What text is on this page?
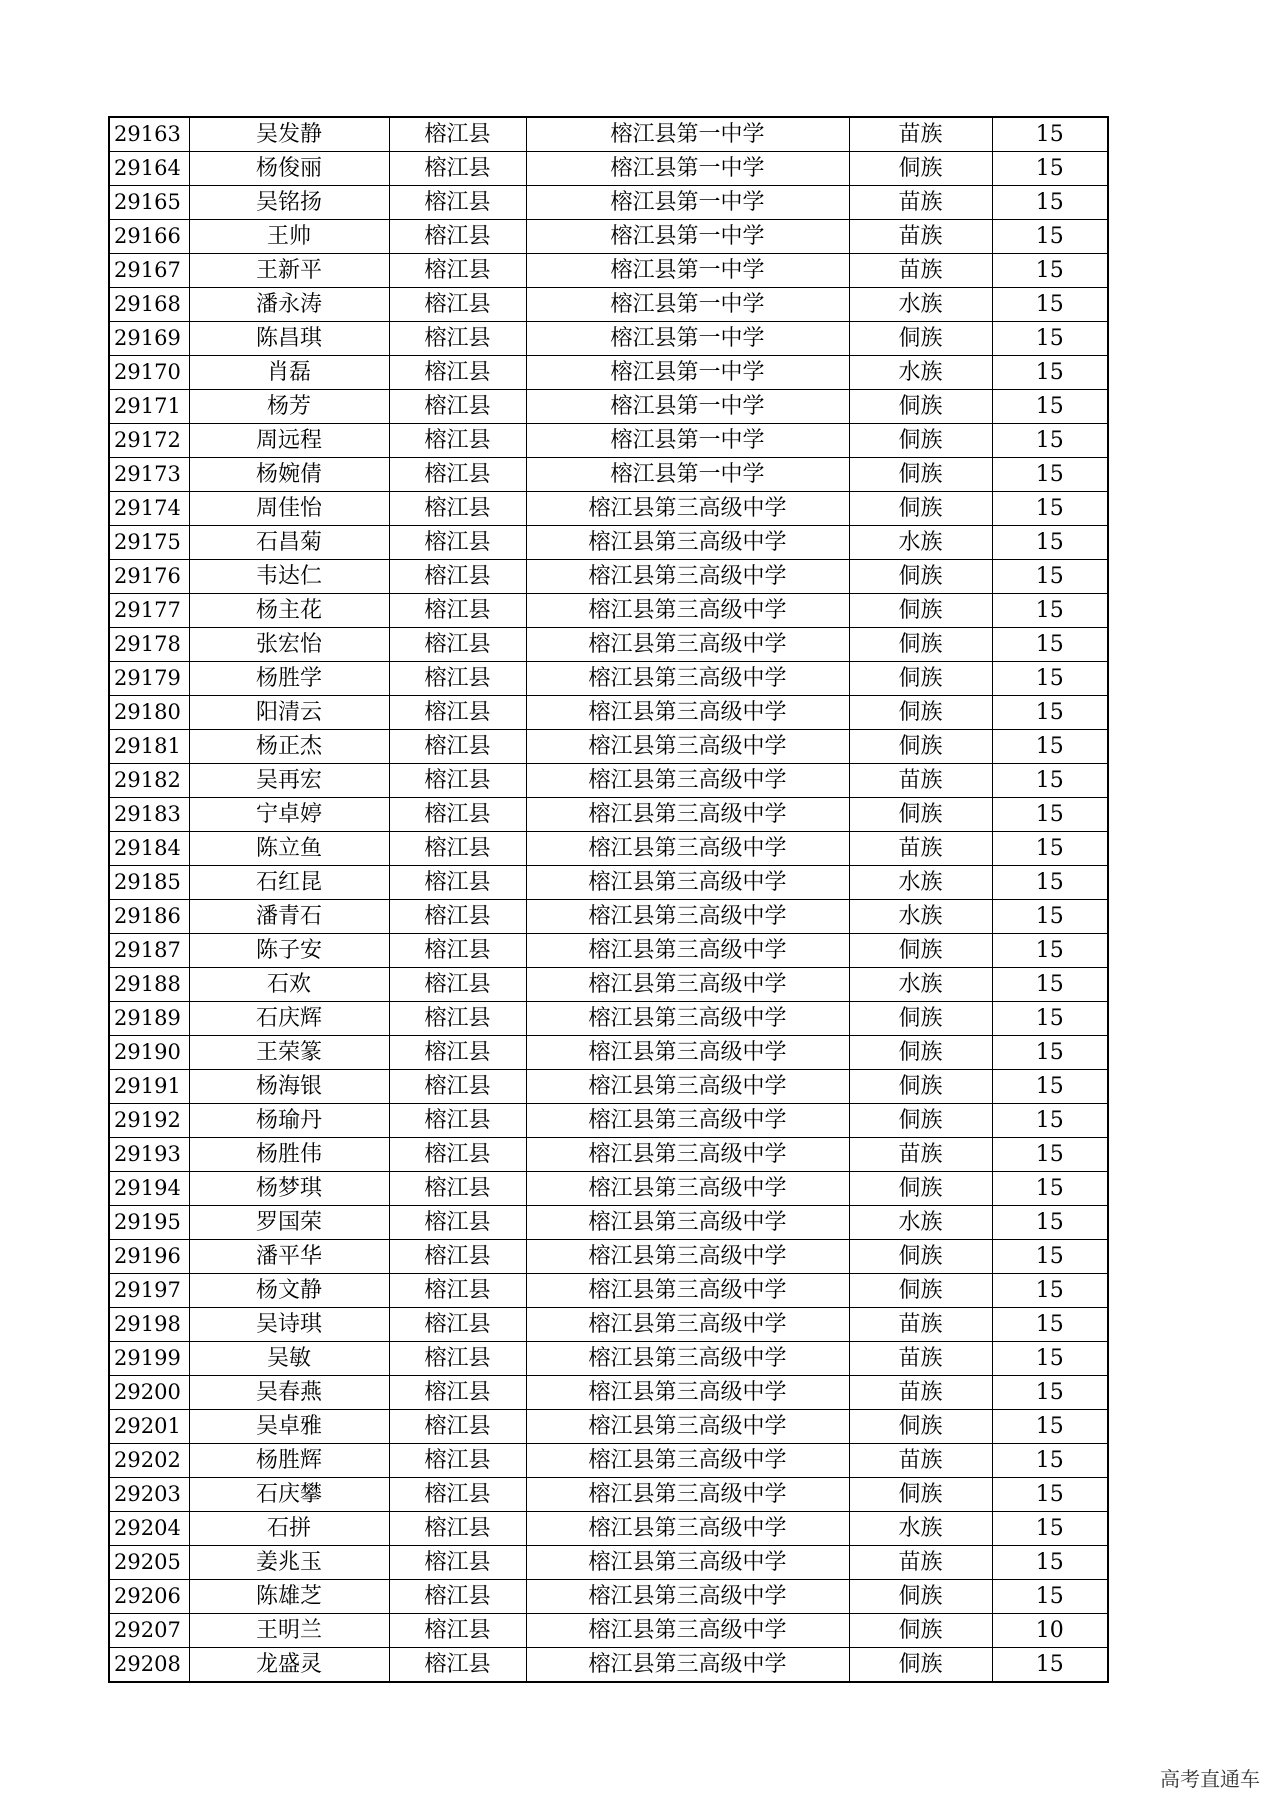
29163	吴发静	榕江县	榕江县第一中学	苗族	15
29164	杨俊丽	榕江县	榕江县第一中学	侗族	15
29165	吴铭扬	榕江县	榕江县第一中学	苗族	15
29166	王帅	榕江县	榕江县第一中学	苗族	15
29167	王新平	榕江县	榕江县第一中学	苗族	15
29168	潘永涛	榕江县	榕江县第一中学	水族	15
29169	陈昌琪	榕江县	榕江县第一中学	侗族	15
29170	肖磊	榕江县	榕江县第一中学	水族	15
29171	杨芳	榕江县	榕江县第一中学	侗族	15
29172	周远程	榕江县	榕江县第一中学	侗族	15
29173	杨婉倩	榕江县	榕江县第一中学	侗族	15
29174	周佳怡	榕江县	榕江县第三高级中学	侗族	15
29175	石昌菊	榕江县	榕江县第三高级中学	水族	15
29176	韦达仁	榕江县	榕江县第三高级中学	侗族	15
29177	杨主花	榕江县	榕江县第三高级中学	侗族	15
29178	张宏怡	榕江县	榕江县第三高级中学	侗族	15
29179	杨胜学	榕江县	榕江县第三高级中学	侗族	15
29180	阳清云	榕江县	榕江县第三高级中学	侗族	15
29181	杨正杰	榕江县	榕江县第三高级中学	侗族	15
29182	吴再宏	榕江县	榕江县第三高级中学	苗族	15
29183	宁卓婷	榕江县	榕江县第三高级中学	侗族	15
29184	陈立鱼	榕江县	榕江县第三高级中学	苗族	15
29185	石红昆	榕江县	榕江县第三高级中学	水族	15
29186	潘青石	榕江县	榕江县第三高级中学	水族	15
29187	陈子安	榕江县	榕江县第三高级中学	侗族	15
29188	石欢	榕江县	榕江县第三高级中学	水族	15
29189	石庆辉	榕江县	榕江县第三高级中学	侗族	15
29190	王荣篆	榕江县	榕江县第三高级中学	侗族	15
29191	杨海银	榕江县	榕江县第三高级中学	侗族	15
29192	杨瑜丹	榕江县	榕江县第三高级中学	侗族	15
29193	杨胜伟	榕江县	榕江县第三高级中学	苗族	15
29194	杨梦琪	榕江县	榕江县第三高级中学	侗族	15
29195	罗国荣	榕江县	榕江县第三高级中学	水族	15
29196	潘平华	榕江县	榕江县第三高级中学	侗族	15
29197	杨文静	榕江县	榕江县第三高级中学	侗族	15
29198	吴诗琪	榕江县	榕江县第三高级中学	苗族	15
29199	吴敏	榕江县	榕江县第三高级中学	苗族	15
29200	吴春燕	榕江县	榕江县第三高级中学	苗族	15
29201	吴卓雅	榕江县	榕江县第三高级中学	侗族	15
29202	杨胜辉	榕江县	榕江县第三高级中学	苗族	15
29203	石庆攀	榕江县	榕江县第三高级中学	侗族	15
29204	石拼	榕江县	榕江县第三高级中学	水族	15
29205	姜兆玉	榕江县	榕江县第三高级中学	苗族	15
29206	陈雄芝	榕江县	榕江县第三高级中学	侗族	15
29207	王明兰	榕江县	榕江县第三高级中学	侗族	10
29208	龙盛灵	榕江县	榕江县第三高级中学	侗族	15
高考直通车
